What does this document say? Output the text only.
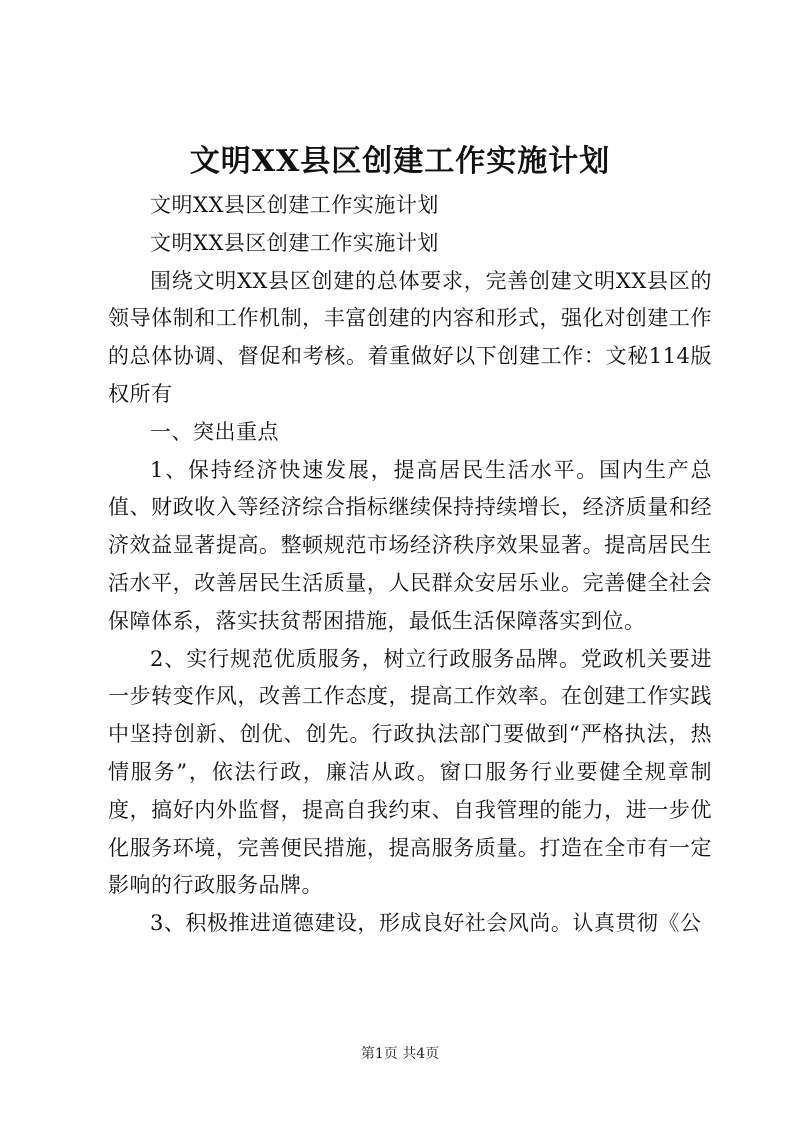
文明XX县区创建工作实施计划

文明XX县区创建工作实施计划

文明XX县区创建工作实施计划

围绕文明XX县区创建的总体要求，完善创建文明XX县区的领导体制和工作机制，丰富创建的内容和形式，强化对创建工作的总体协调、督促和考核。着重做好以下创建工作：文秘114版权所有

一、突出重点

1、保持经济快速发展，提高居民生活水平。国内生产总值、财政收入等经济综合指标继续保持持续增长，经济质量和经济效益显著提高。整顿规范市场经济秩序效果显著。提高居民生活水平，改善居民生活质量，人民群众安居乐业。完善健全社会保障体系，落实扶贫帮困措施，最低生活保障落实到位。

2、实行规范优质服务，树立行政服务品牌。党政机关要进一步转变作风，改善工作态度，提高工作效率。在创建工作实践中坚持创新、创优、创先。行政执法部门要做到“严格执法，热情服务”，依法行政，廉洁从政。窗口服务行业要健全规章制度，搞好内外监督，提高自我约束、自我管理的能力，进一步优化服务环境，完善便民措施，提高服务质量。打造在全市有一定影响的行政服务品牌。

3、积极推进道德建设，形成良好社会风尚。认真贯彻《公

第1页 共4页
